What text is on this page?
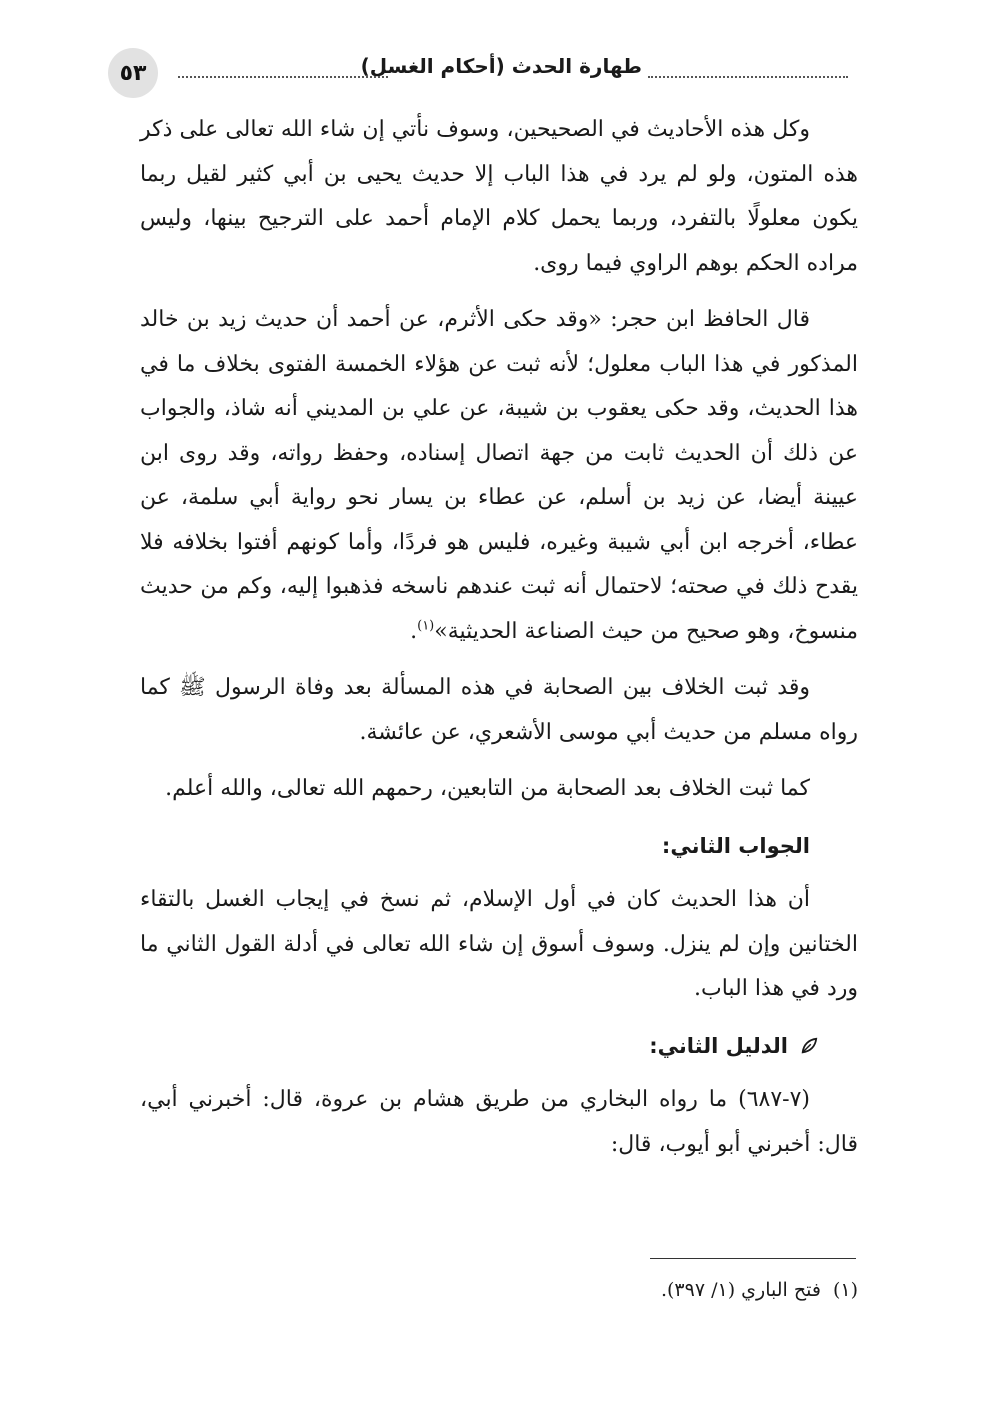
طهارة الحدث (أحكام الغسل)
٥٣

وكل هذه الأحاديث في الصحيحين، وسوف نأتي إن شاء الله تعالى على ذكر هذه المتون، ولو لم يرد في هذا الباب إلا حديث يحيى بن أبي كثير لقيل ربما يكون معلولًا بالتفرد، وربما يحمل كلام الإمام أحمد على الترجيح بينها، وليس مراده الحكم بوهم الراوي فيما روى.

قال الحافظ ابن حجر: «وقد حكى الأثرم، عن أحمد أن حديث زيد بن خالد المذكور في هذا الباب معلول؛ لأنه ثبت عن هؤلاء الخمسة الفتوى بخلاف ما في هذا الحديث، وقد حكى يعقوب بن شيبة، عن علي بن المديني أنه شاذ، والجواب عن ذلك أن الحديث ثابت من جهة اتصال إسناده، وحفظ رواته، وقد روى ابن عيينة أيضا، عن زيد بن أسلم، عن عطاء بن يسار نحو رواية أبي سلمة، عن عطاء، أخرجه ابن أبي شيبة وغيره، فليس هو فردًا، وأما كونهم أفتوا بخلافه فلا يقدح ذلك في صحته؛ لاحتمال أنه ثبت عندهم ناسخه فذهبوا إليه، وكم من حديث منسوخ، وهو صحيح من حيث الصناعة الحديثية»$^{(١)}$.

وقد ثبت الخلاف بين الصحابة في هذه المسألة بعد وفاة الرسول ﷺ كما رواه مسلم من حديث أبي موسى الأشعري، عن عائشة.

كما ثبت الخلاف بعد الصحابة من التابعين، رحمهم الله تعالى، والله أعلم.

الجواب الثاني:

أن هذا الحديث كان في أول الإسلام، ثم نسخ في إيجاب الغسل بالتقاء الختانين وإن لم ينزل. وسوف أسوق إن شاء الله تعالى في أدلة القول الثاني ما ورد في هذا الباب.

الدليل الثاني:

(٧-٦٨٧) ما رواه البخاري من طريق هشام بن عروة، قال: أخبرني أبي، قال: أخبرني أبو أيوب، قال:

(١)فتح الباري (١/ ٣٩٧).
